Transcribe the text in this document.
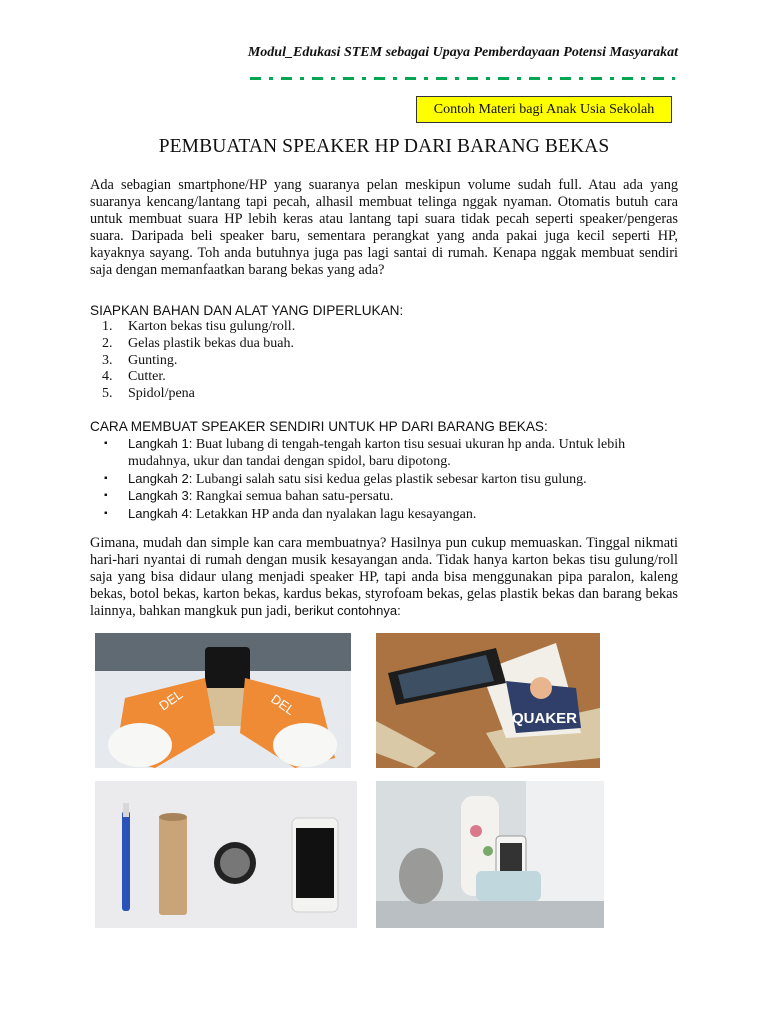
Modul_Edukasi STEM sebagai Upaya Pemberdayaan Potensi Masyarakat
Contoh Materi bagi Anak Usia Sekolah
PEMBUATAN SPEAKER HP DARI BARANG BEKAS
Ada sebagian smartphone/HP yang suaranya pelan meskipun volume sudah full. Atau ada yang suaranya kencang/lantang tapi pecah, alhasil membuat telinga nggak nyaman. Otomatis butuh cara untuk membuat suara HP lebih keras atau lantang tapi suara tidak pecah seperti speaker/pengeras suara. Daripada beli speaker baru, sementara perangkat yang anda pakai juga kecil seperti HP, kayaknya sayang. Toh anda butuhnya juga pas lagi santai di rumah. Kenapa nggak membuat sendiri saja dengan memanfaatkan barang bekas yang ada?
SIAPKAN BAHAN DAN ALAT YANG DIPERLUKAN:
1. Karton bekas tisu gulung/roll.
2. Gelas plastik bekas dua buah.
3. Gunting.
4. Cutter.
5. Spidol/pena
CARA MEMBUAT SPEAKER SENDIRI UNTUK HP DARI BARANG BEKAS:
▪ Langkah 1: Buat lubang di tengah-tengah karton tisu sesuai ukuran hp anda. Untuk lebih mudahnya, ukur dan tandai dengan spidol, baru dipotong.
▪ Langkah 2: Lubangi salah satu sisi kedua gelas plastik sebesar karton tisu gulung.
▪ Langkah 3: Rangkai semua bahan satu-persatu.
▪ Langkah 4: Letakkan HP anda dan nyalakan lagu kesayangan.
Gimana, mudah dan simple kan cara membuatnya? Hasilnya pun cukup memuaskan. Tinggal nikmati hari-hari nyantai di rumah dengan musik kesayangan anda. Tidak hanya karton bekas tisu gulung/roll saja yang bisa didaur ulang menjadi speaker HP, tapi anda bisa menggunakan pipa paralon, kaleng bekas, botol bekas, karton bekas, kardus bekas, styrofoam bekas, gelas plastik bekas dan barang bekas lainnya, bahkan mangkuk pun jadi, berikut contohnya:
DEL	DEL
QUAKER
